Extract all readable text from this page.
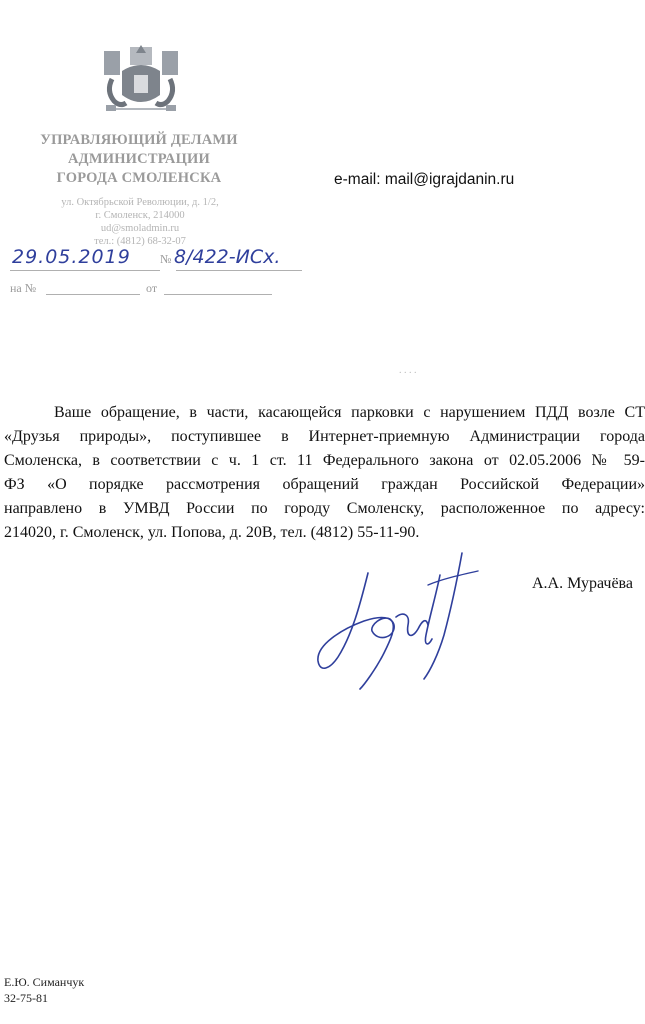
УПРАВЛЯЮЩИЙ ДЕЛАМИ
АДМИНИСТРАЦИИ
ГОРОДА СМОЛЕНСКА
ул. Октябрьской Революции, д. 1/2,
г. Смоленск, 214000
ud@smoladmin.ru
тел.: (4812) 68-32-07
29.05.2019 № 8/422-ИСх.
на №	от
e-mail: mail@igrajdanin.ru
. . . .
Ваше обращение, в части, касающейся парковки с нарушением ПДД возле СТ
«Друзья природы», поступившее в Интернет-приемную Администрации города
Смоленска, в соответствии с ч. 1 ст. 11 Федерального закона от 02.05.2006 № 59-
ФЗ «О порядке рассмотрения обращений граждан Российской Федерации»
направлено в УМВД России по городу Смоленску, расположенное по адресу:
214020, г. Смоленск, ул. Попова, д. 20В, тел. (4812) 55-11-90.
А.А. Мурачёва
Е.Ю. Симанчук
32-75-81
